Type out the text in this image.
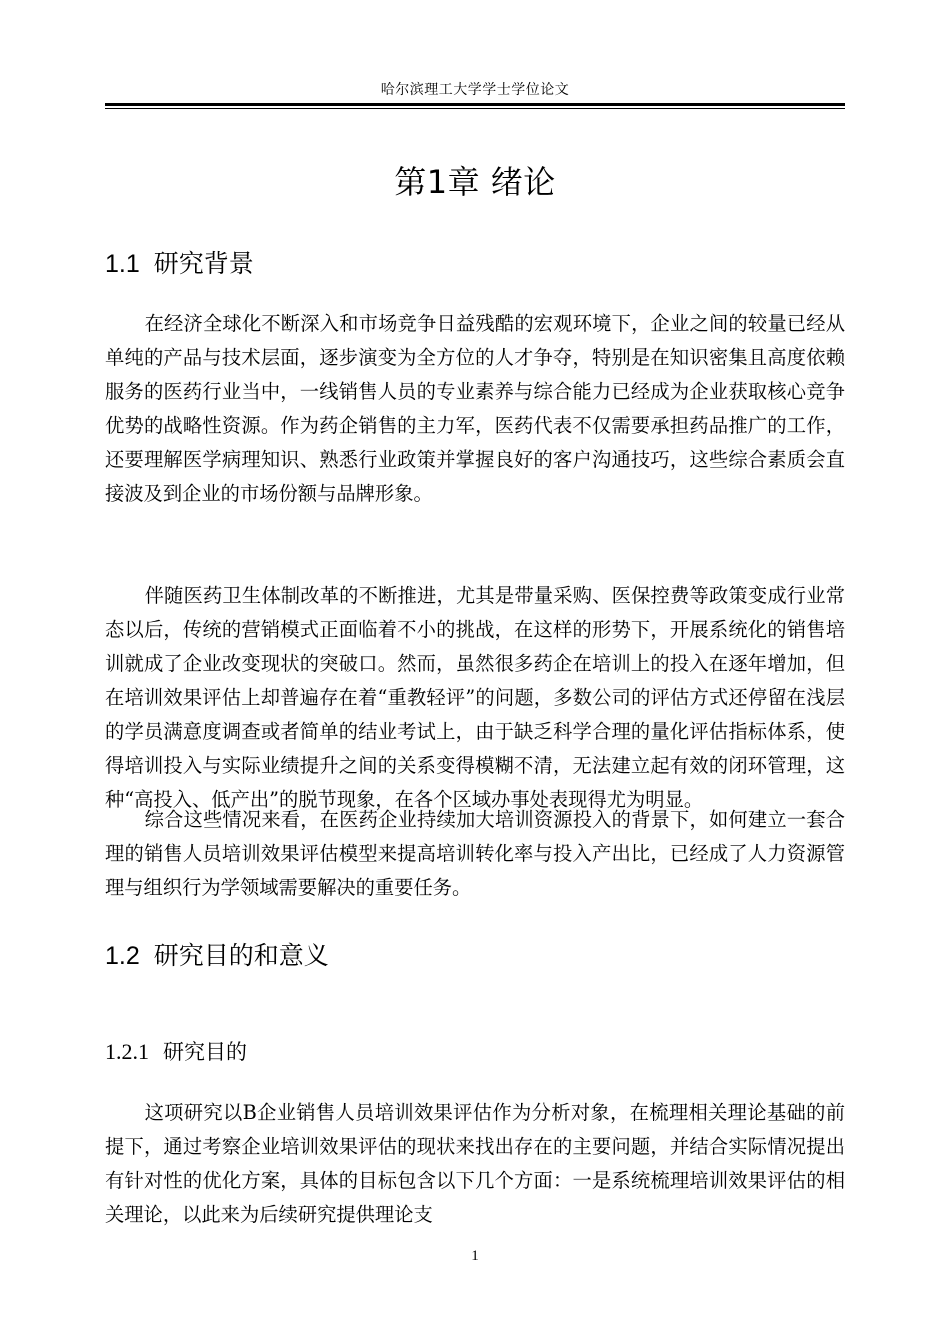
哈尔滨理工大学学士学位论文
第1章 绪论
1.1 研究背景

在经济全球化不断深入和市场竞争日益残酷的宏观环境下，企业之间的较量已经从单纯的产品与技术层面，逐步演变为全方位的人才争夺，特别是在知识密集且高度依赖服务的医药行业当中，一线销售人员的专业素养与综合能力已经成为企业获取核心竞争优势的战略性资源。作为药企销售的主力军，医药代表不仅需要承担药品推广的工作，还要理解医学病理知识、熟悉行业政策并掌握良好的客户沟通技巧，这些综合素质会直接波及到企业的市场份额与品牌形象。

伴随医药卫生体制改革的不断推进，尤其是带量采购、医保控费等政策变成行业常态以后，传统的营销模式正面临着不小的挑战，在这样的形势下，开展系统化的销售培训就成了企业改变现状的突破口。然而，虽然很多药企在培训上的投入在逐年增加，但在培训效果评估上却普遍存在着“重教轻评”的问题，多数公司的评估方式还停留在浅层的学员满意度调查或者简单的结业考试上，由于缺乏科学合理的量化评估指标体系，使得培训投入与实际业绩提升之间的关系变得模糊不清，无法建立起有效的闭环管理，这种“高投入、低产出”的脱节现象，在各个区域办事处表现得尤为明显。

综合这些情况来看，在医药企业持续加大培训资源投入的背景下，如何建立一套合理的销售人员培训效果评估模型来提高培训转化率与投入产出比，已经成了人力资源管理与组织行为学领域需要解决的重要任务。

1.2 研究目的和意义
1.2.1 研究目的

这项研究以B企业销售人员培训效果评估作为分析对象，在梳理相关理论基础的前提下，通过考察企业培训效果评估的现状来找出存在的主要问题，并结合实际情况提出有针对性的优化方案，具体的目标包含以下几个方面：一是系统梳理培训效果评估的相关理论，以此来为后续研究提供理论支

1
